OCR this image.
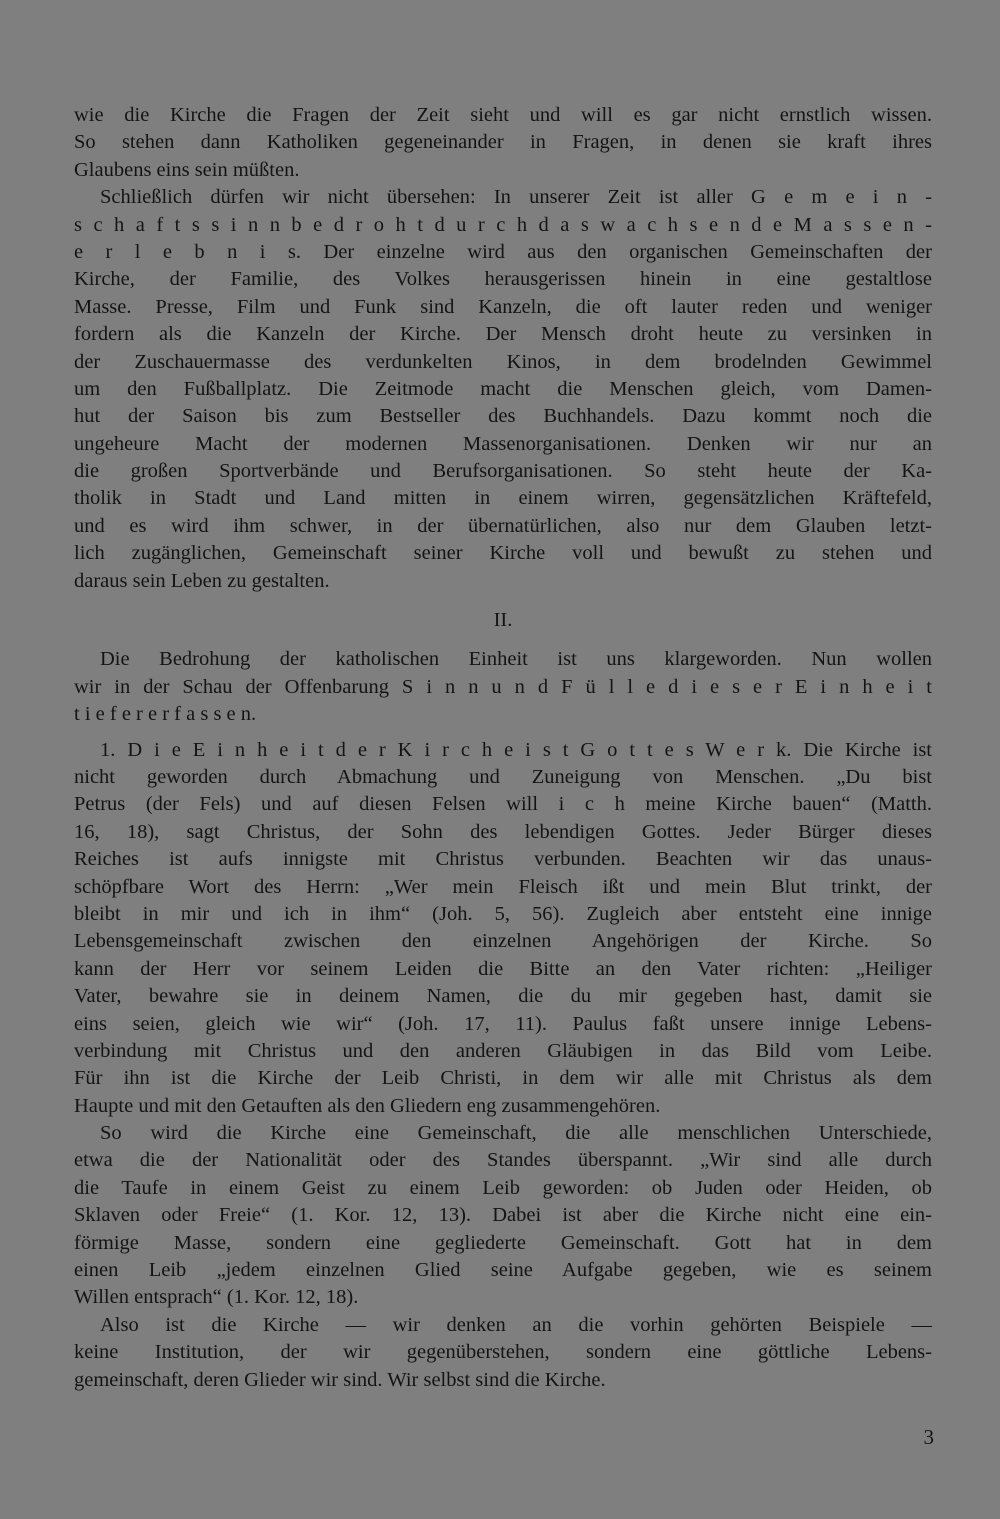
wie die Kirche die Fragen der Zeit sieht und will es gar nicht ernstlich wissen.
So stehen dann Katholiken gegeneinander in Fragen, in denen sie kraft ihres
Glaubens eins sein müßten.
Schließlich dürfen wir nicht übersehen: In unserer Zeit ist aller G e m e i n -
s c h a f t s s i n n b e d r o h t d u r c h d a s w a c h s e n d e M a s s e n -
e r l e b n i s. Der einzelne wird aus den organischen Gemeinschaften der
Kirche, der Familie, des Volkes herausgerissen hinein in eine gestaltlose
Masse. Presse, Film und Funk sind Kanzeln, die oft lauter reden und weniger
fordern als die Kanzeln der Kirche. Der Mensch droht heute zu versinken in
der Zuschauermasse des verdunkelten Kinos, in dem brodelnden Gewimmel
um den Fußballplatz. Die Zeitmode macht die Menschen gleich, vom Damen-
hut der Saison bis zum Bestseller des Buchhandels. Dazu kommt noch die
ungeheure Macht der modernen Massenorganisationen. Denken wir nur an
die großen Sportverbände und Berufsorganisationen. So steht heute der Ka-
tholik in Stadt und Land mitten in einem wirren, gegensätzlichen Kräftefeld,
und es wird ihm schwer, in der übernatürlichen, also nur dem Glauben letzt-
lich zugänglichen, Gemeinschaft seiner Kirche voll und bewußt zu stehen und
daraus sein Leben zu gestalten.
II.
Die Bedrohung der katholischen Einheit ist uns klargeworden. Nun wollen
wir in der Schau der Offenbarung S i n n u n d F ü l l e d i e s e r E i n h e i t
t i e f e r e r f a s s e n.
1. D i e E i n h e i t d e r K i r c h e i s t G o t t e s W e r k. Die Kirche ist
nicht geworden durch Abmachung und Zuneigung von Menschen. „Du bist
Petrus (der Fels) und auf diesen Felsen will i c h meine Kirche bauen“ (Matth.
16, 18), sagt Christus, der Sohn des lebendigen Gottes. Jeder Bürger dieses
Reiches ist aufs innigste mit Christus verbunden. Beachten wir das unaus-
schöpfbare Wort des Herrn: „Wer mein Fleisch ißt und mein Blut trinkt, der
bleibt in mir und ich in ihm“ (Joh. 5, 56). Zugleich aber entsteht eine innige
Lebensgemeinschaft zwischen den einzelnen Angehörigen der Kirche. So
kann der Herr vor seinem Leiden die Bitte an den Vater richten: „Heiliger
Vater, bewahre sie in deinem Namen, die du mir gegeben hast, damit sie
eins seien, gleich wie wir“ (Joh. 17, 11). Paulus faßt unsere innige Lebens-
verbindung mit Christus und den anderen Gläubigen in das Bild vom Leibe.
Für ihn ist die Kirche der Leib Christi, in dem wir alle mit Christus als dem
Haupte und mit den Getauften als den Gliedern eng zusammengehören.
So wird die Kirche eine Gemeinschaft, die alle menschlichen Unterschiede,
etwa die der Nationalität oder des Standes überspannt. „Wir sind alle durch
die Taufe in einem Geist zu einem Leib geworden: ob Juden oder Heiden, ob
Sklaven oder Freie“ (1. Kor. 12, 13). Dabei ist aber die Kirche nicht eine ein-
förmige Masse, sondern eine gegliederte Gemeinschaft. Gott hat in dem
einen Leib „jedem einzelnen Glied seine Aufgabe gegeben, wie es seinem
Willen entsprach“ (1. Kor. 12, 18).
Also ist die Kirche — wir denken an die vorhin gehörten Beispiele —
keine Institution, der wir gegenüberstehen, sondern eine göttliche Lebens-
gemeinschaft, deren Glieder wir sind. Wir selbst sind die Kirche.
3
